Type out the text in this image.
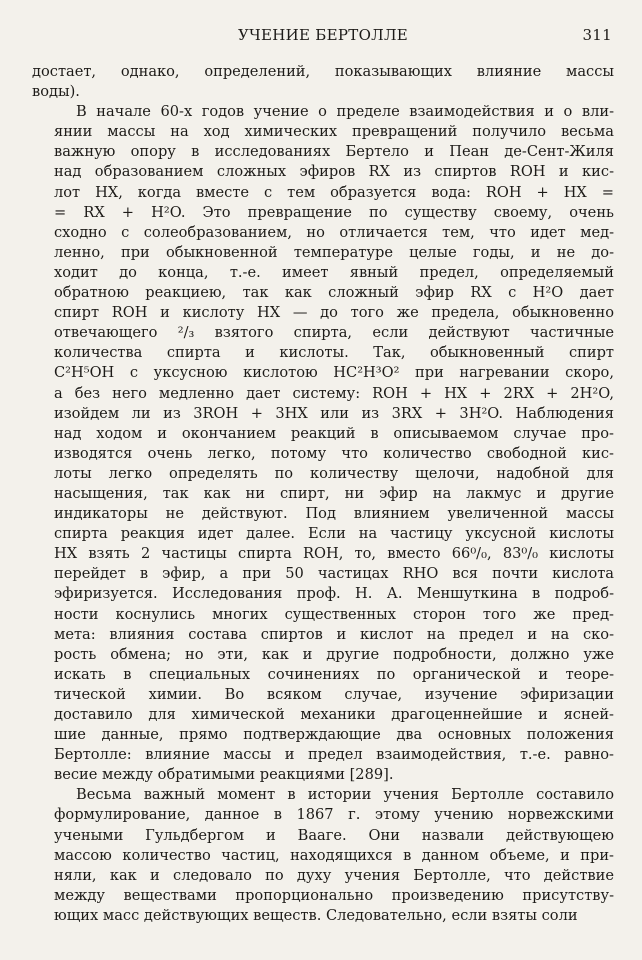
УЧЕНИЕ БЕРТОЛЛЕ	311

достает, однако, определений, показывающих влияние массы
воды).

В начале 60-х годов учение о пределе взаимодействия и о вли-
янии массы на ход химических превращений получило весьма
важную опору в исследованиях Бертело и Пеан де-Сент-Жиля
над образованием сложных эфиров RX из спиртов ROH и кис-
лот HX, когда вместе с тем образуется вода: ROH + HX =
= RX + H²O. Это превращение по существу своему, очень
сходно с солеобразованием, но отличается тем, что идет мед-
ленно, при обыкновенной температуре целые годы, и не до-
ходит до конца, т.-е. имеет явный предел, определяемый
обратною реакциею, так как сложный эфир RX с H²O дает
спирт ROH и кислоту HX — до того же предела, обыкновенно
отвечающего ²/₃ взятого спирта, если действуют частичные
количества спирта и кислоты. Так, обыкновенный спирт
C²H⁵OH с уксусною кислотою HC²H³O² при нагревании скоро,
а без него медленно дает систему: ROH + HX + 2RX + 2H²O,
изойдем ли из 3ROH + 3HX или из 3RX + 3H²O. Наблюдения
над ходом и окончанием реакций в описываемом случае про-
изводятся очень легко, потому что количество свободной кис-
лоты легко определять по количеству щелочи, надобной для
насыщения, так как ни спирт, ни эфир на лакмус и другие
индикаторы не действуют. Под влиянием увеличенной массы
спирта реакция идет далее. Если на частицу уксусной кислоты
HX взять 2 частицы спирта ROH, то, вместо 66⁰/₀, 83⁰/₀ кислоты
перейдет в эфир, а при 50 частицах RHO вся почти кислота
эфиризуется. Исследования проф. Н. А. Меншуткина в подроб-
ности коснулись многих существенных сторон того же пред-
мета: влияния состава спиртов и кислот на предел и на ско-
рость обмена; но эти, как и другие подробности, должно уже
искать в специальных сочинениях по органической и теоре-
тической химии. Во всяком случае, изучение эфиризации
доставило для химической механики драгоценнейшие и ясней-
шие данные, прямо подтверждающие два основных положения
Бертолле: влияние массы и предел взаимодействия, т.-е. равно-
весие между обратимыми реакциями [289].

Весьма важный момент в истории учения Бертолле составило
формулирование, данное в 1867 г. этому учению норвежскими
учеными Гульдбергом и Вааге. Они назвали действующею
массою количество частиц, находящихся в данном объеме, и при-
няли, как и следовало по духу учения Бертолле, что действие
между веществами пропорционально произведению присутству-
ющих масс действующих веществ. Следовательно, если взяты соли
